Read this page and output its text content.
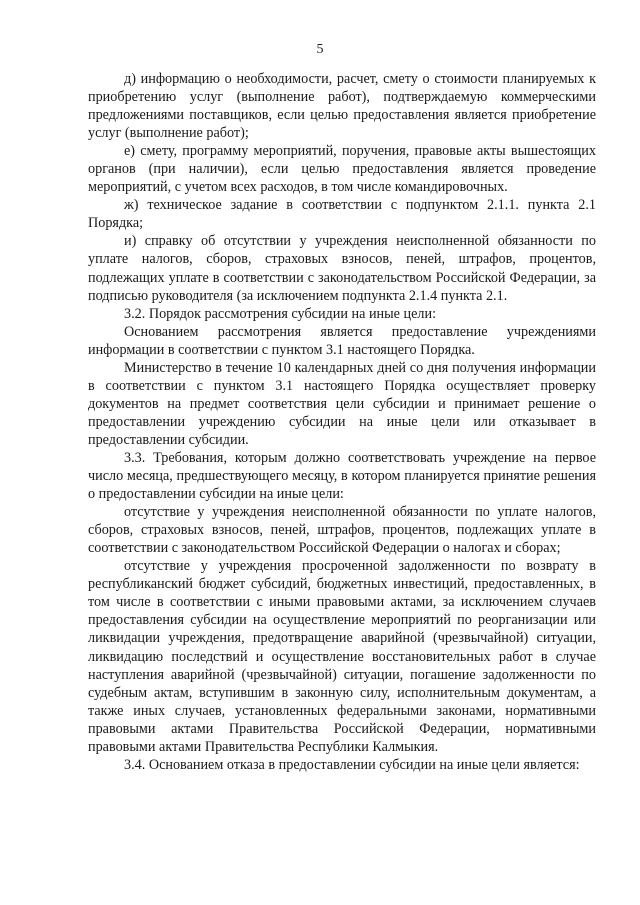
5

д) информацию о необходимости, расчет, смету о стоимости планируемых к приобретению услуг (выполнение работ), подтверждаемую коммерческими предложениями поставщиков, если целью предоставления является приобретение услуг (выполнение работ);

е) смету, программу мероприятий, поручения, правовые акты вышестоящих органов (при наличии), если целью предоставления является проведение мероприятий, с учетом всех расходов, в том числе командировочных.

ж) техническое задание в соответствии с подпунктом 2.1.1. пункта 2.1 Порядка;

и) справку об отсутствии у учреждения неисполненной обязанности по уплате налогов, сборов, страховых взносов, пеней, штрафов, процентов, подлежащих уплате в соответствии с законодательством Российской Федерации, за подписью руководителя (за исключением подпункта 2.1.4 пункта 2.1.

3.2. Порядок рассмотрения субсидии на иные цели:

Основанием рассмотрения является предоставление учреждениями информации в соответствии с пунктом 3.1 настоящего Порядка.

Министерство в течение 10 календарных дней со дня получения информации в соответствии с пунктом 3.1 настоящего Порядка осуществляет проверку документов на предмет соответствия цели субсидии и принимает решение о предоставлении учреждению субсидии на иные цели или отказывает в предоставлении субсидии.

3.3. Требования, которым должно соответствовать учреждение на первое число месяца, предшествующего месяцу, в котором планируется принятие решения о предоставлении субсидии на иные цели:

отсутствие у учреждения неисполненной обязанности по уплате налогов, сборов, страховых взносов, пеней, штрафов, процентов, подлежащих уплате в соответствии с законодательством Российской Федерации о налогах и сборах;

отсутствие у учреждения просроченной задолженности по возврату в республиканский бюджет субсидий, бюджетных инвестиций, предоставленных, в том числе в соответствии с иными правовыми актами, за исключением случаев предоставления субсидии на осуществление мероприятий по реорганизации или ликвидации учреждения, предотвращение аварийной (чрезвычайной) ситуации, ликвидацию последствий и осуществление восстановительных работ в случае наступления аварийной (чрезвычайной) ситуации, погашение задолженности по судебным актам, вступившим в законную силу, исполнительным документам, а также иных случаев, установленных федеральными законами, нормативными правовыми актами Правительства Российской Федерации, нормативными правовыми актами Правительства Республики Калмыкия.

3.4. Основанием отказа в предоставлении субсидии на иные цели является:
